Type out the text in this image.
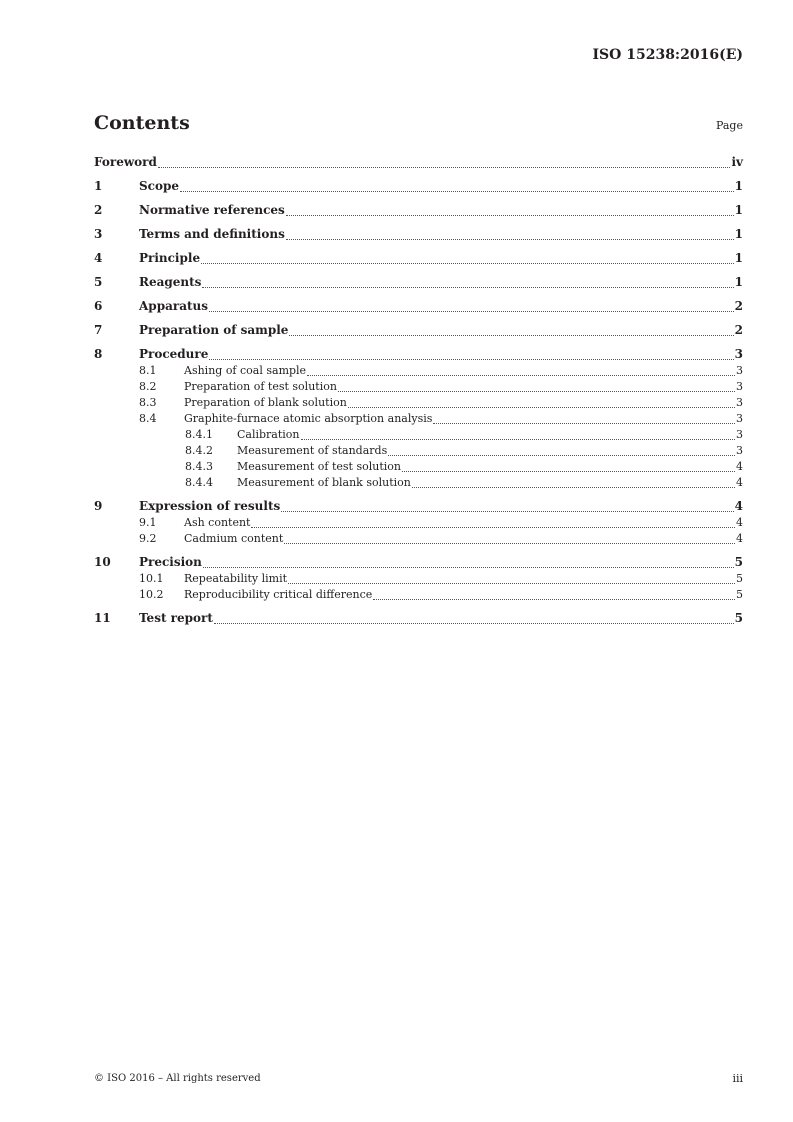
ISO 15238:2016(E)
Contents	Page
Foreword	iv
1	Scope	1
2	Normative references	1
3	Terms and definitions	1
4	Principle	1
5	Reagents	1
6	Apparatus	2
7	Preparation of sample	2
8	Procedure	3
8.1	Ashing of coal sample	3
8.2	Preparation of test solution	3
8.3	Preparation of blank solution	3
8.4	Graphite-furnace atomic absorption analysis	3
8.4.1	Calibration	3
8.4.2	Measurement of standards	3
8.4.3	Measurement of test solution	4
8.4.4	Measurement of blank solution	4
9	Expression of results	4
9.1	Ash content	4
9.2	Cadmium content	4
10	Precision	5
10.1	Repeatability limit	5
10.2	Reproducibility critical difference	5
11	Test report	5
© ISO 2016 – All rights reserved	iii
